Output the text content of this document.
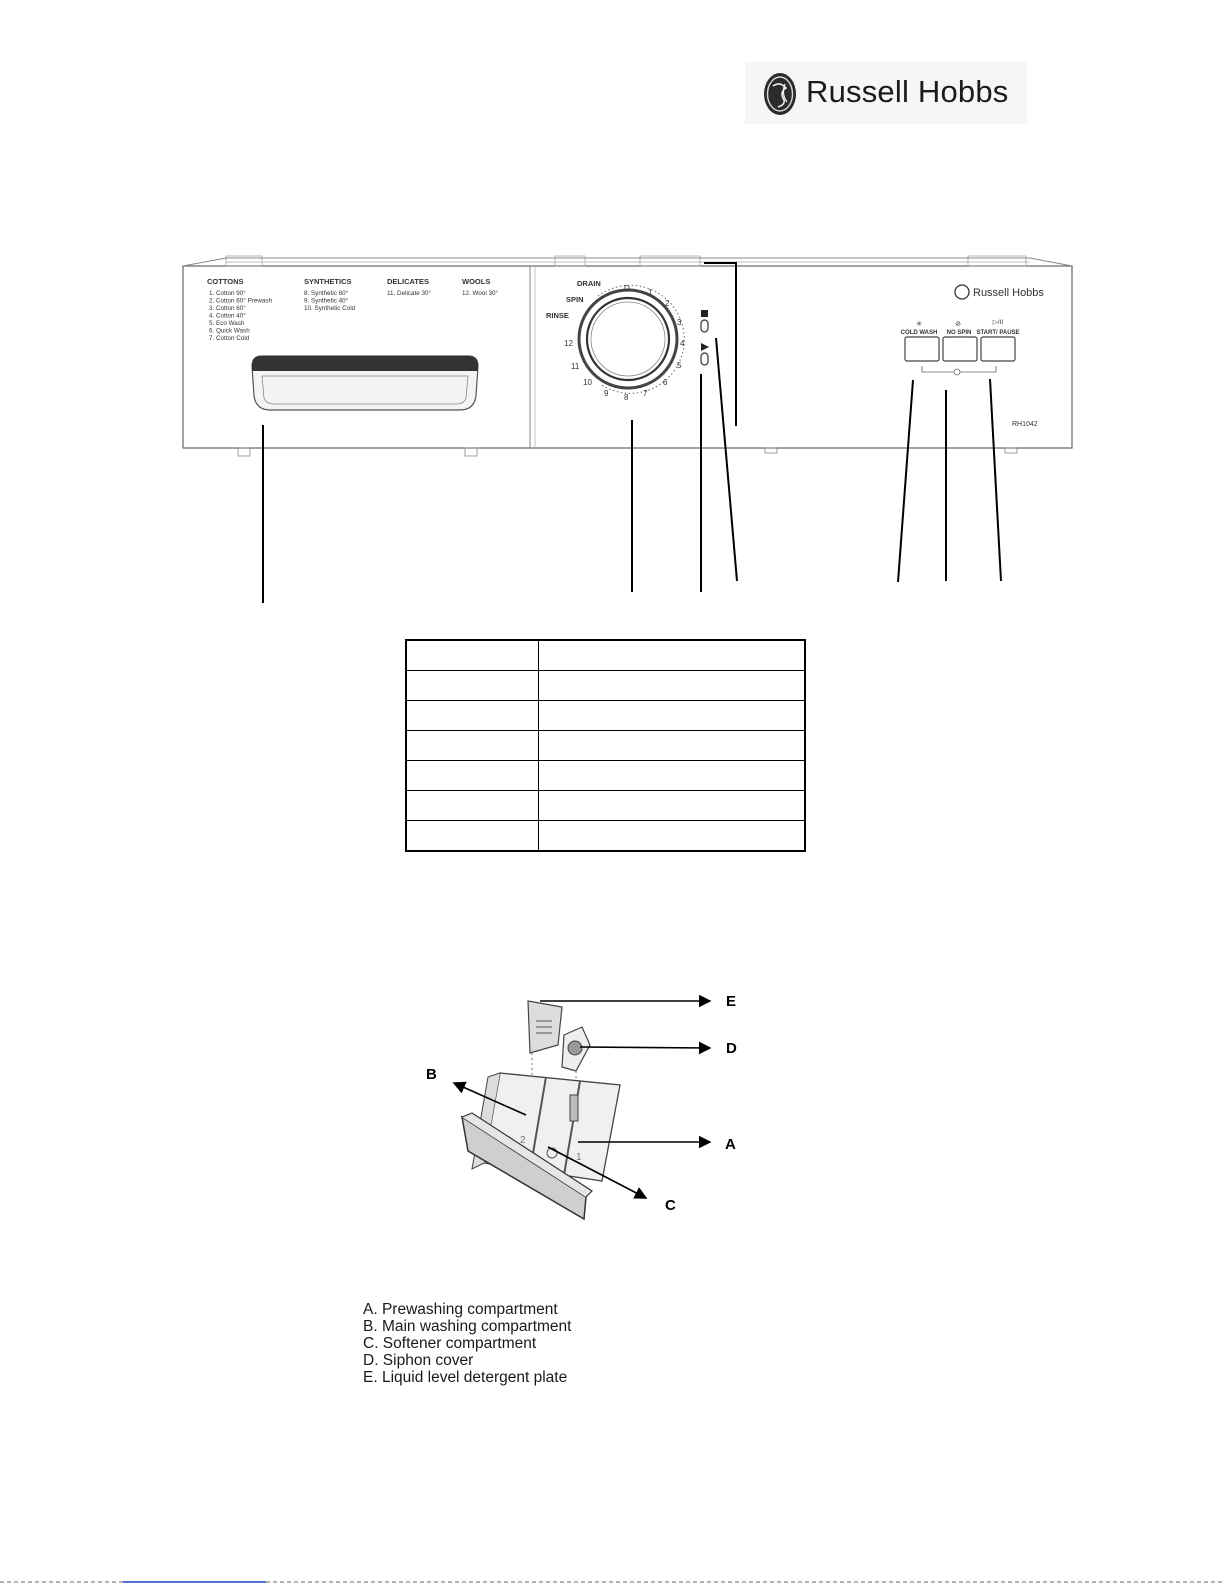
Russell Hobbs
COTTONS
1. Cotton 90°
2. Cotton 60° Prewash
3. Cotton 60°
4. Cotton 40°
5. Eco Wash
6. Quick Wash
7. Cotton Cold
SYNTHETICS
8. Synthetic 60°
9. Synthetic 40°
10. Synthetic Cold
DELICATES
11. Delicate 30°
WOOLS
12. Wool 30°
DRAIN
SPIN
RINSE
D 1
2
3
4
5
6
7
8
9
10
11
12
Russell Hobbs
✳	⊘	▷/II
COLD WASH NO SPIN START/ PAUSE
RH1042

2
1
E
D
B
A
C
A. Prewashing compartment
B. Main washing compartment
C. Softener compartment
D. Siphon cover
E. Liquid level detergent plate
